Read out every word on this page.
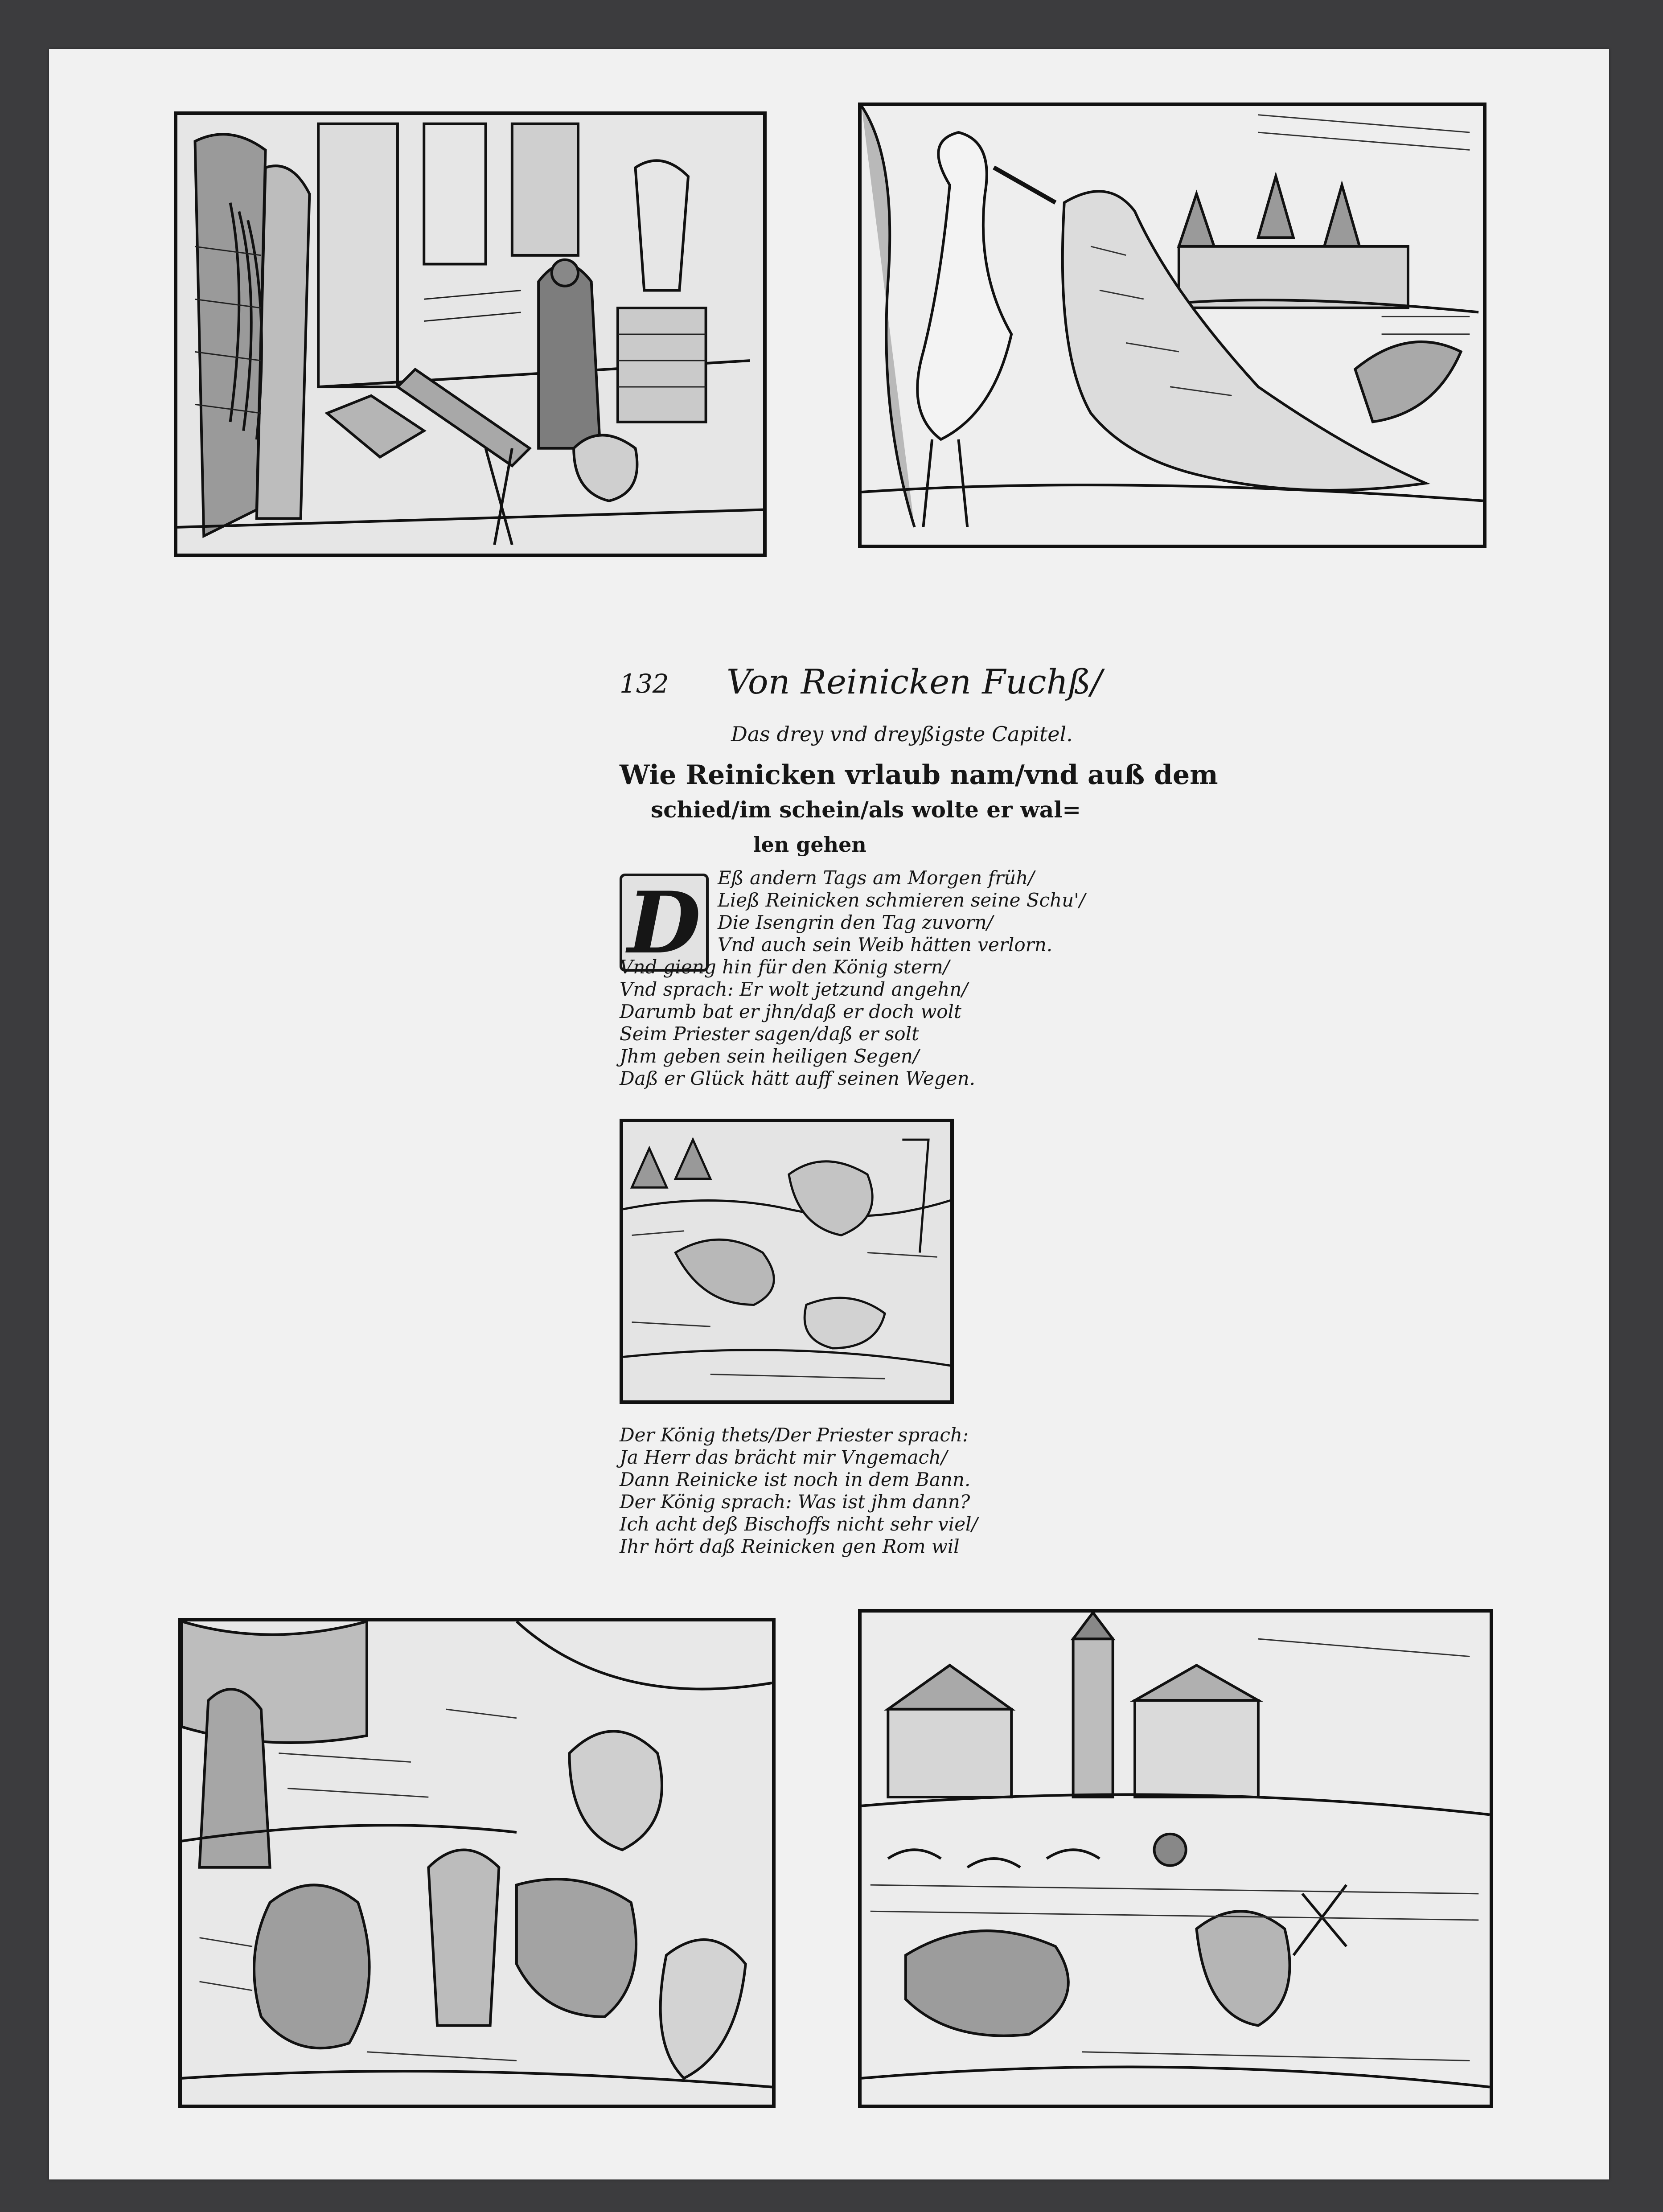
132 Von Reinicken Fuchß/
Das drey vnd dreyßigste Capitel.
Wie Reinicken vrlaub nam/vnd auß dem
schied/im schein/als wolte er wal=
len gehen
D Eß andern Tags am Morgen früh/
Ließ Reinicken schmieren seine Schu'/
Die Isengrin den Tag zuvorn/
Vnd auch sein Weib hätten verlorn.
Vnd gieng hin für den König stern/
Vnd sprach: Er wolt jetzund angehn/
Darumb bat er jhn/daß er doch wolt
Seim Priester sagen/daß er solt
Jhm geben sein heiligen Segen/
Daß er Glück hätt auff seinen Wegen.
Der König thets/Der Priester sprach:
Ja Herr das brächt mir Vngemach/
Dann Reinicke ist noch in dem Bann.
Der König sprach: Was ist jhm dann?
Ich acht deß Bischoffs nicht sehr viel/
Ihr hört daß Reinicken gen Rom wil
